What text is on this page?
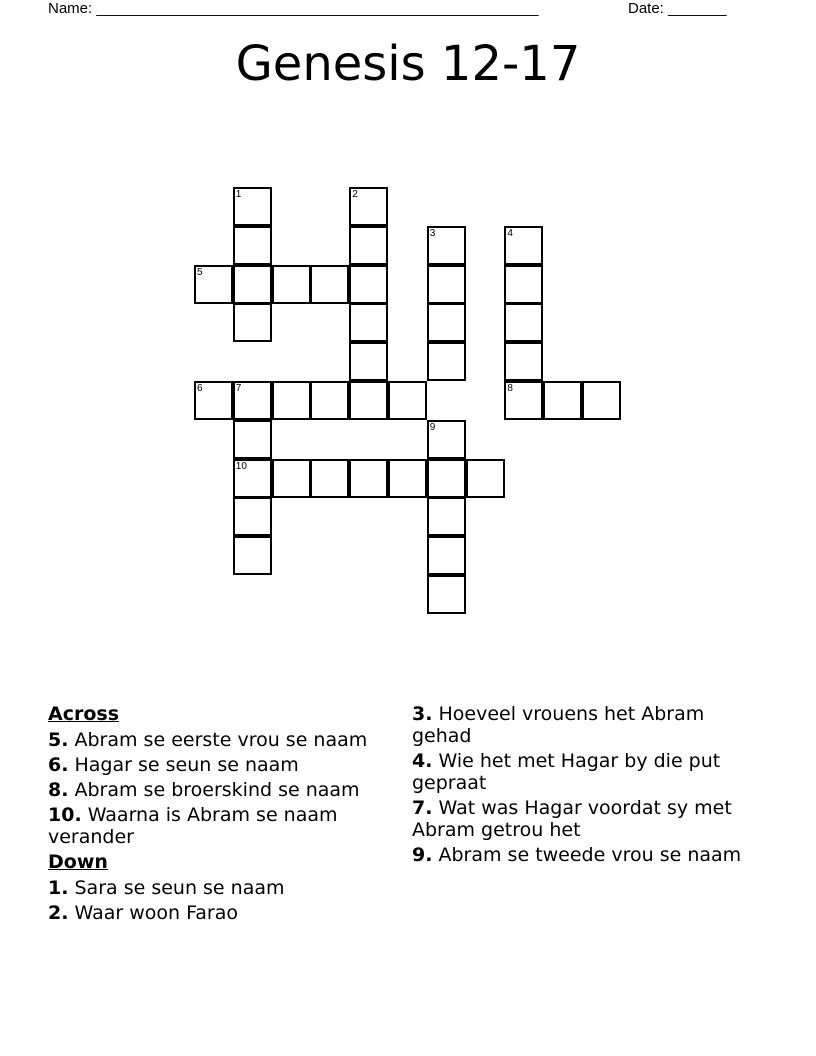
Name: _____________________________________________________	Date: _______
Genesis 12-17
1	2
3	4
5
6	7	8
9
10
Across
5. Abram se eerste vrou se naam
6. Hagar se seun se naam
8. Abram se broerskind se naam
10. Waarna is Abram se naam verander
Down
1. Sara se seun se naam
2. Waar woon Farao
3. Hoeveel vrouens het Abram gehad
4. Wie het met Hagar by die put gepraat
7. Wat was Hagar voordat sy met Abram getrou het
9. Abram se tweede vrou se naam
